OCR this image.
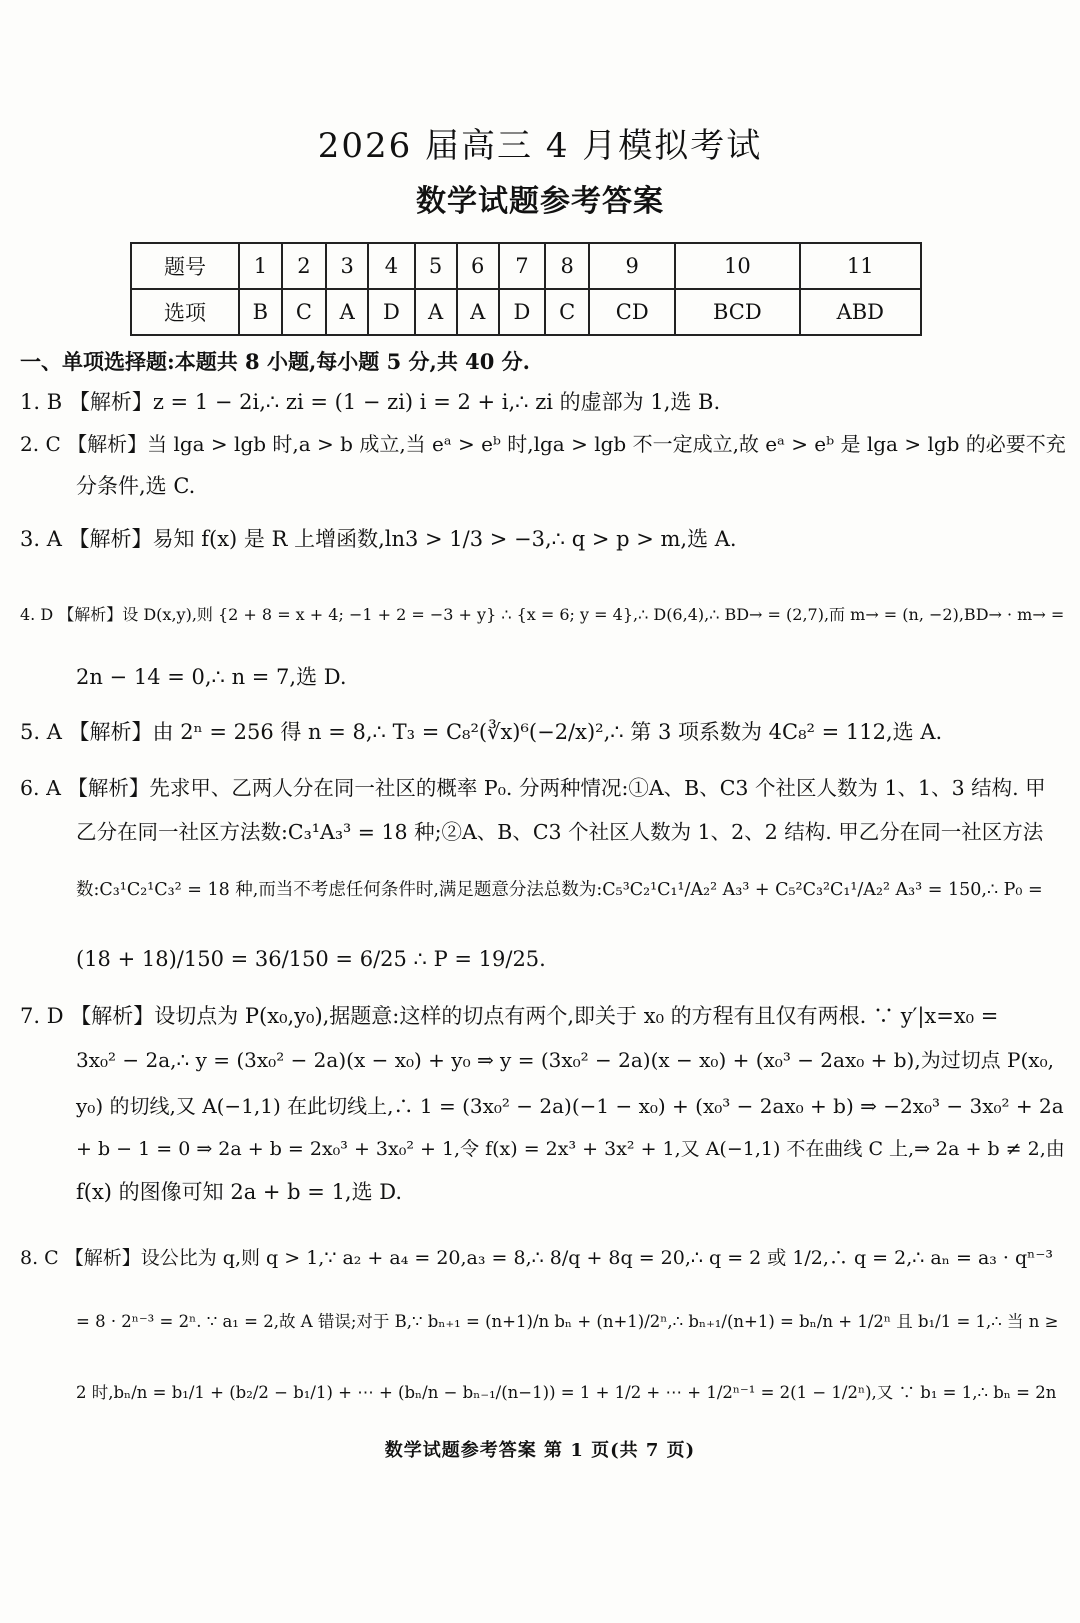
2026 届高三 4 月模拟考试
数学试题参考答案
题号	1	2	3	4	5	6	7	8	9	10	11
选项	B	C	A	D	A	A	D	C	CD	BCD	ABD
一、单项选择题:本题共 8 小题,每小题 5 分,共 40 分.
1. B 【解析】z = 1 − 2i,∴ zi = (1 − zi) i = 2 + i,∴ zi 的虚部为 1,选 B.
2. C 【解析】当 lga > lgb 时,a > b 成立,当 eᵃ > eᵇ 时,lga > lgb 不一定成立,故 eᵃ > eᵇ 是 lga > lgb 的必要不充
分条件,选 C.
3. A 【解析】易知 f(x) 是 R 上增函数,ln3 > 1/3 > −3,∴ q > p > m,选 A.
4. D 【解析】设 D(x,y),则 {2 + 8 = x + 4; −1 + 2 = −3 + y} ∴ {x = 6; y = 4},∴ D(6,4),∴ BD→ = (2,7),而 m→ = (n, −2),BD→ · m→ =
2n − 14 = 0,∴ n = 7,选 D.
5. A 【解析】由 2ⁿ = 256 得 n = 8,∴ T₃ = C₈²(∛x)⁶(−2/x)²,∴ 第 3 项系数为 4C₈² = 112,选 A.
6. A 【解析】先求甲、乙两人分在同一社区的概率 P₀. 分两种情况:①A、B、C3 个社区人数为 1、1、3 结构. 甲
乙分在同一社区方法数:C₃¹A₃³ = 18 种;②A、B、C3 个社区人数为 1、2、2 结构. 甲乙分在同一社区方法
数:C₃¹C₂¹C₃² = 18 种,而当不考虑任何条件时,满足题意分法总数为:C₅³C₂¹C₁¹/A₂² A₃³ + C₅²C₃²C₁¹/A₂² A₃³ = 150,∴ P₀ =
(18 + 18)/150 = 36/150 = 6/25 ∴ P = 19/25.
7. D 【解析】设切点为 P(x₀,y₀),据题意:这样的切点有两个,即关于 x₀ 的方程有且仅有两根. ∵ y′|x=x₀ =
3x₀² − 2a,∴ y = (3x₀² − 2a)(x − x₀) + y₀ ⇒ y = (3x₀² − 2a)(x − x₀) + (x₀³ − 2ax₀ + b),为过切点 P(x₀,
y₀) 的切线,又 A(−1,1) 在此切线上,∴ 1 = (3x₀² − 2a)(−1 − x₀) + (x₀³ − 2ax₀ + b) ⇒ −2x₀³ − 3x₀² + 2a
+ b − 1 = 0 ⇒ 2a + b = 2x₀³ + 3x₀² + 1,令 f(x) = 2x³ + 3x² + 1,又 A(−1,1) 不在曲线 C 上,⇒ 2a + b ≠ 2,由
f(x) 的图像可知 2a + b = 1,选 D.
8. C 【解析】设公比为 q,则 q > 1,∵ a₂ + a₄ = 20,a₃ = 8,∴ 8/q + 8q = 20,∴ q = 2 或 1/2,∴ q = 2,∴ aₙ = a₃ · qⁿ⁻³
= 8 · 2ⁿ⁻³ = 2ⁿ. ∵ a₁ = 2,故 A 错误;对于 B,∵ bₙ₊₁ = (n+1)/n bₙ + (n+1)/2ⁿ,∴ bₙ₊₁/(n+1) = bₙ/n + 1/2ⁿ 且 b₁/1 = 1,∴ 当 n ≥
2 时,bₙ/n = b₁/1 + (b₂/2 − b₁/1) + ⋯ + (bₙ/n − bₙ₋₁/(n−1)) = 1 + 1/2 + ⋯ + 1/2ⁿ⁻¹ = 2(1 − 1/2ⁿ),又 ∵ b₁ = 1,∴ bₙ = 2n
数学试题参考答案 第 1 页(共 7 页)
